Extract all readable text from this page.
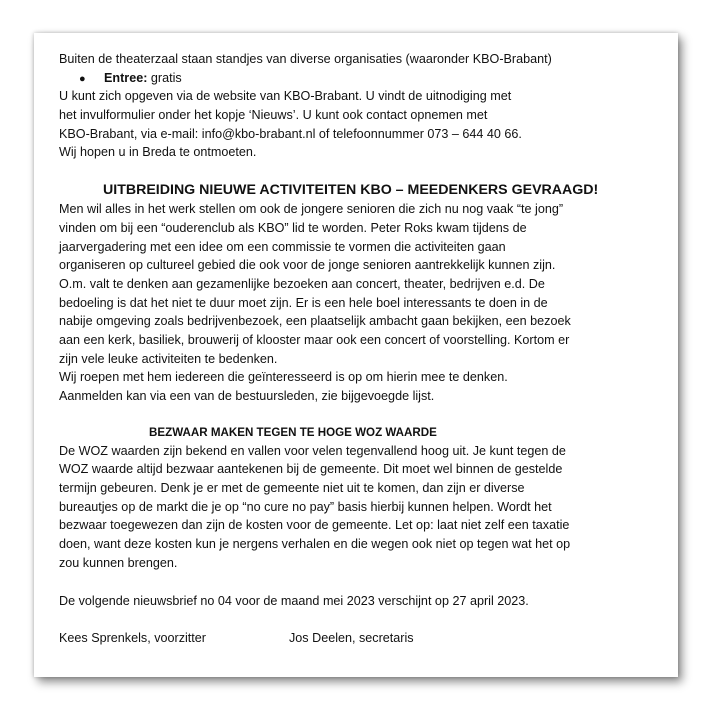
Buiten de theaterzaal staan standjes van diverse organisaties (waaronder KBO-Brabant)
● Entree: gratis
U kunt zich opgeven via de website van KBO-Brabant. U vindt de uitnodiging met
het invulformulier onder het kopje ‘Nieuws’. U kunt ook contact opnemen met
KBO-Brabant, via e-mail: info@kbo-brabant.nl of telefoonnummer 073 – 644 40 66.
Wij hopen u in Breda te ontmoeten.
UITBREIDING NIEUWE ACTIVITEITEN KBO – MEEDENKERS GEVRAAGD!
Men wil alles in het werk stellen om ook de jongere senioren die zich nu nog vaak “te jong”
vinden om bij een “ouderenclub als KBO” lid te worden. Peter Roks kwam tijdens de
jaarvergadering met een idee om een commissie te vormen die activiteiten gaan
organiseren op cultureel gebied die ook voor de jonge senioren aantrekkelijk kunnen zijn.
O.m. valt te denken aan gezamenlijke bezoeken aan concert, theater, bedrijven e.d. De
bedoeling is dat het niet te duur moet zijn. Er is een hele boel interessants te doen in de
nabije omgeving zoals bedrijvenbezoek, een plaatselijk ambacht gaan bekijken, een bezoek
aan een kerk, basiliek, brouwerij of klooster maar ook een concert of voorstelling. Kortom er
zijn vele leuke activiteiten te bedenken.
Wij roepen met hem iedereen die geïnteresseerd is op om hierin mee te denken.
Aanmelden kan via een van de bestuursleden, zie bijgevoegde lijst.
BEZWAAR MAKEN TEGEN TE HOGE WOZ WAARDE
De WOZ waarden zijn bekend en vallen voor velen tegenvallend hoog uit. Je kunt tegen de
WOZ waarde altijd bezwaar aantekenen bij de gemeente. Dit moet wel binnen de gestelde
termijn gebeuren. Denk je er met de gemeente niet uit te komen, dan zijn er diverse
bureautjes op de markt die je op “no cure no pay” basis hierbij kunnen helpen. Wordt het
bezwaar toegewezen dan zijn de kosten voor de gemeente. Let op: laat niet zelf een taxatie
doen, want deze kosten kun je nergens verhalen en die wegen ook niet op tegen wat het op
zou kunnen brengen.
De volgende nieuwsbrief no 04 voor de maand mei 2023 verschijnt op 27 april 2023.
Kees Sprenkels, voorzitter	Jos Deelen, secretaris
